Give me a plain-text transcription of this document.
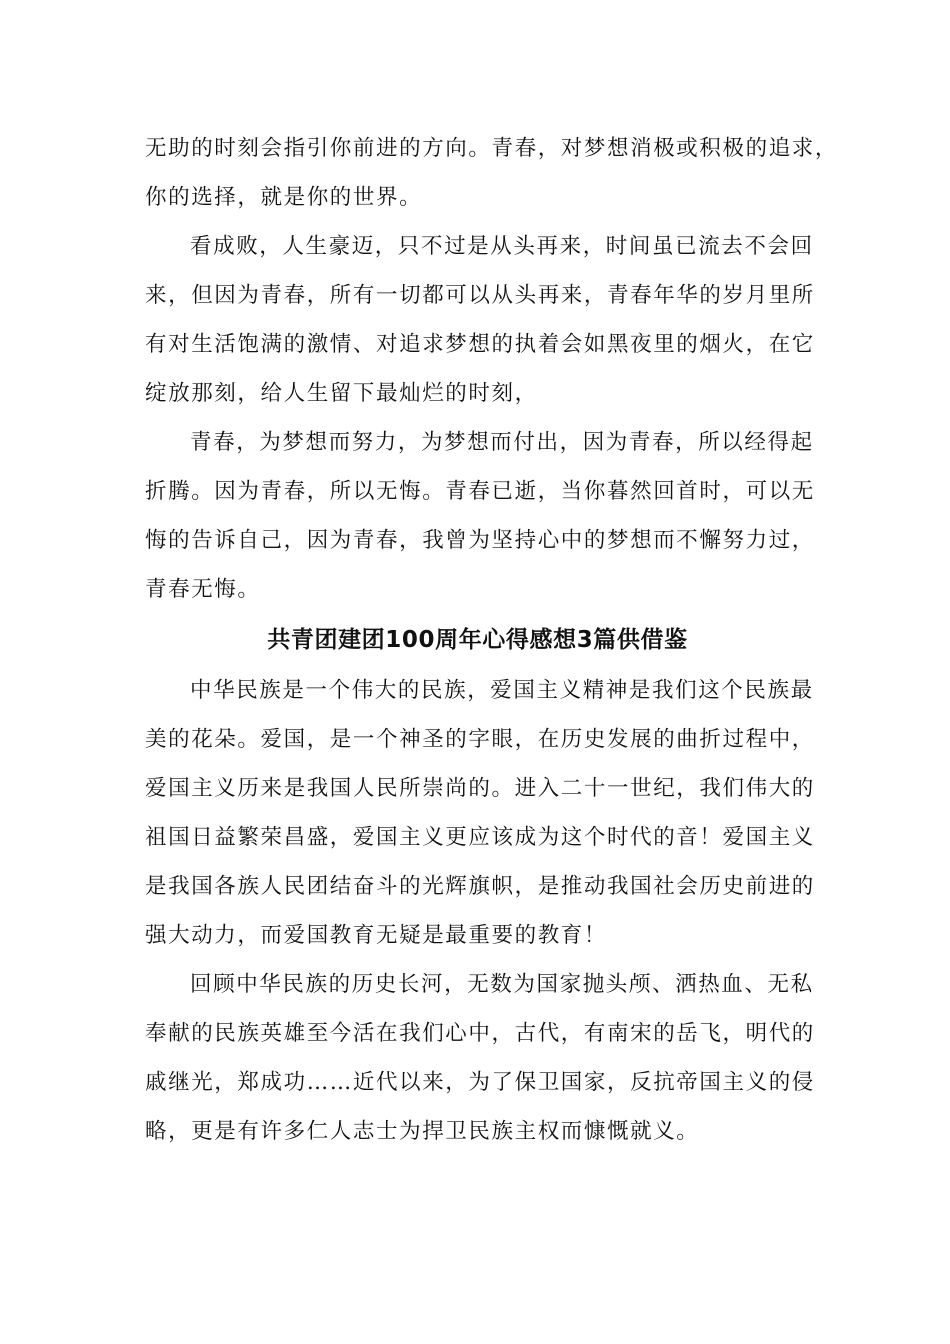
无助的时刻会指引你前进的方向。青春，对梦想消极或积极的追求，
你的选择，就是你的世界。
看成败，人生豪迈，只不过是从头再来，时间虽已流去不会回
来，但因为青春，所有一切都可以从头再来，青春年华的岁月里所
有对生活饱满的激情、对追求梦想的执着会如黑夜里的烟火，在它
绽放那刻，给人生留下最灿烂的时刻，
青春，为梦想而努力，为梦想而付出，因为青春，所以经得起
折腾。因为青春，所以无悔。青春已逝，当你暮然回首时，可以无
悔的告诉自己，因为青春，我曾为坚持心中的梦想而不懈努力过，
青春无悔。
共青团建团100周年心得感想3篇供借鉴
中华民族是一个伟大的民族，爱国主义精神是我们这个民族最
美的花朵。爱国，是一个神圣的字眼，在历史发展的曲折过程中，
爱国主义历来是我国人民所崇尚的。进入二十一世纪，我们伟大的
祖国日益繁荣昌盛，爱国主义更应该成为这个时代的音！爱国主义
是我国各族人民团结奋斗的光辉旗帜，是推动我国社会历史前进的
强大动力，而爱国教育无疑是最重要的教育！
回顾中华民族的历史长河，无数为国家抛头颅、洒热血、无私
奉献的民族英雄至今活在我们心中，古代，有南宋的岳飞，明代的
戚继光，郑成功……近代以来，为了保卫国家，反抗帝国主义的侵
略，更是有许多仁人志士为捍卫民族主权而慷慨就义。
